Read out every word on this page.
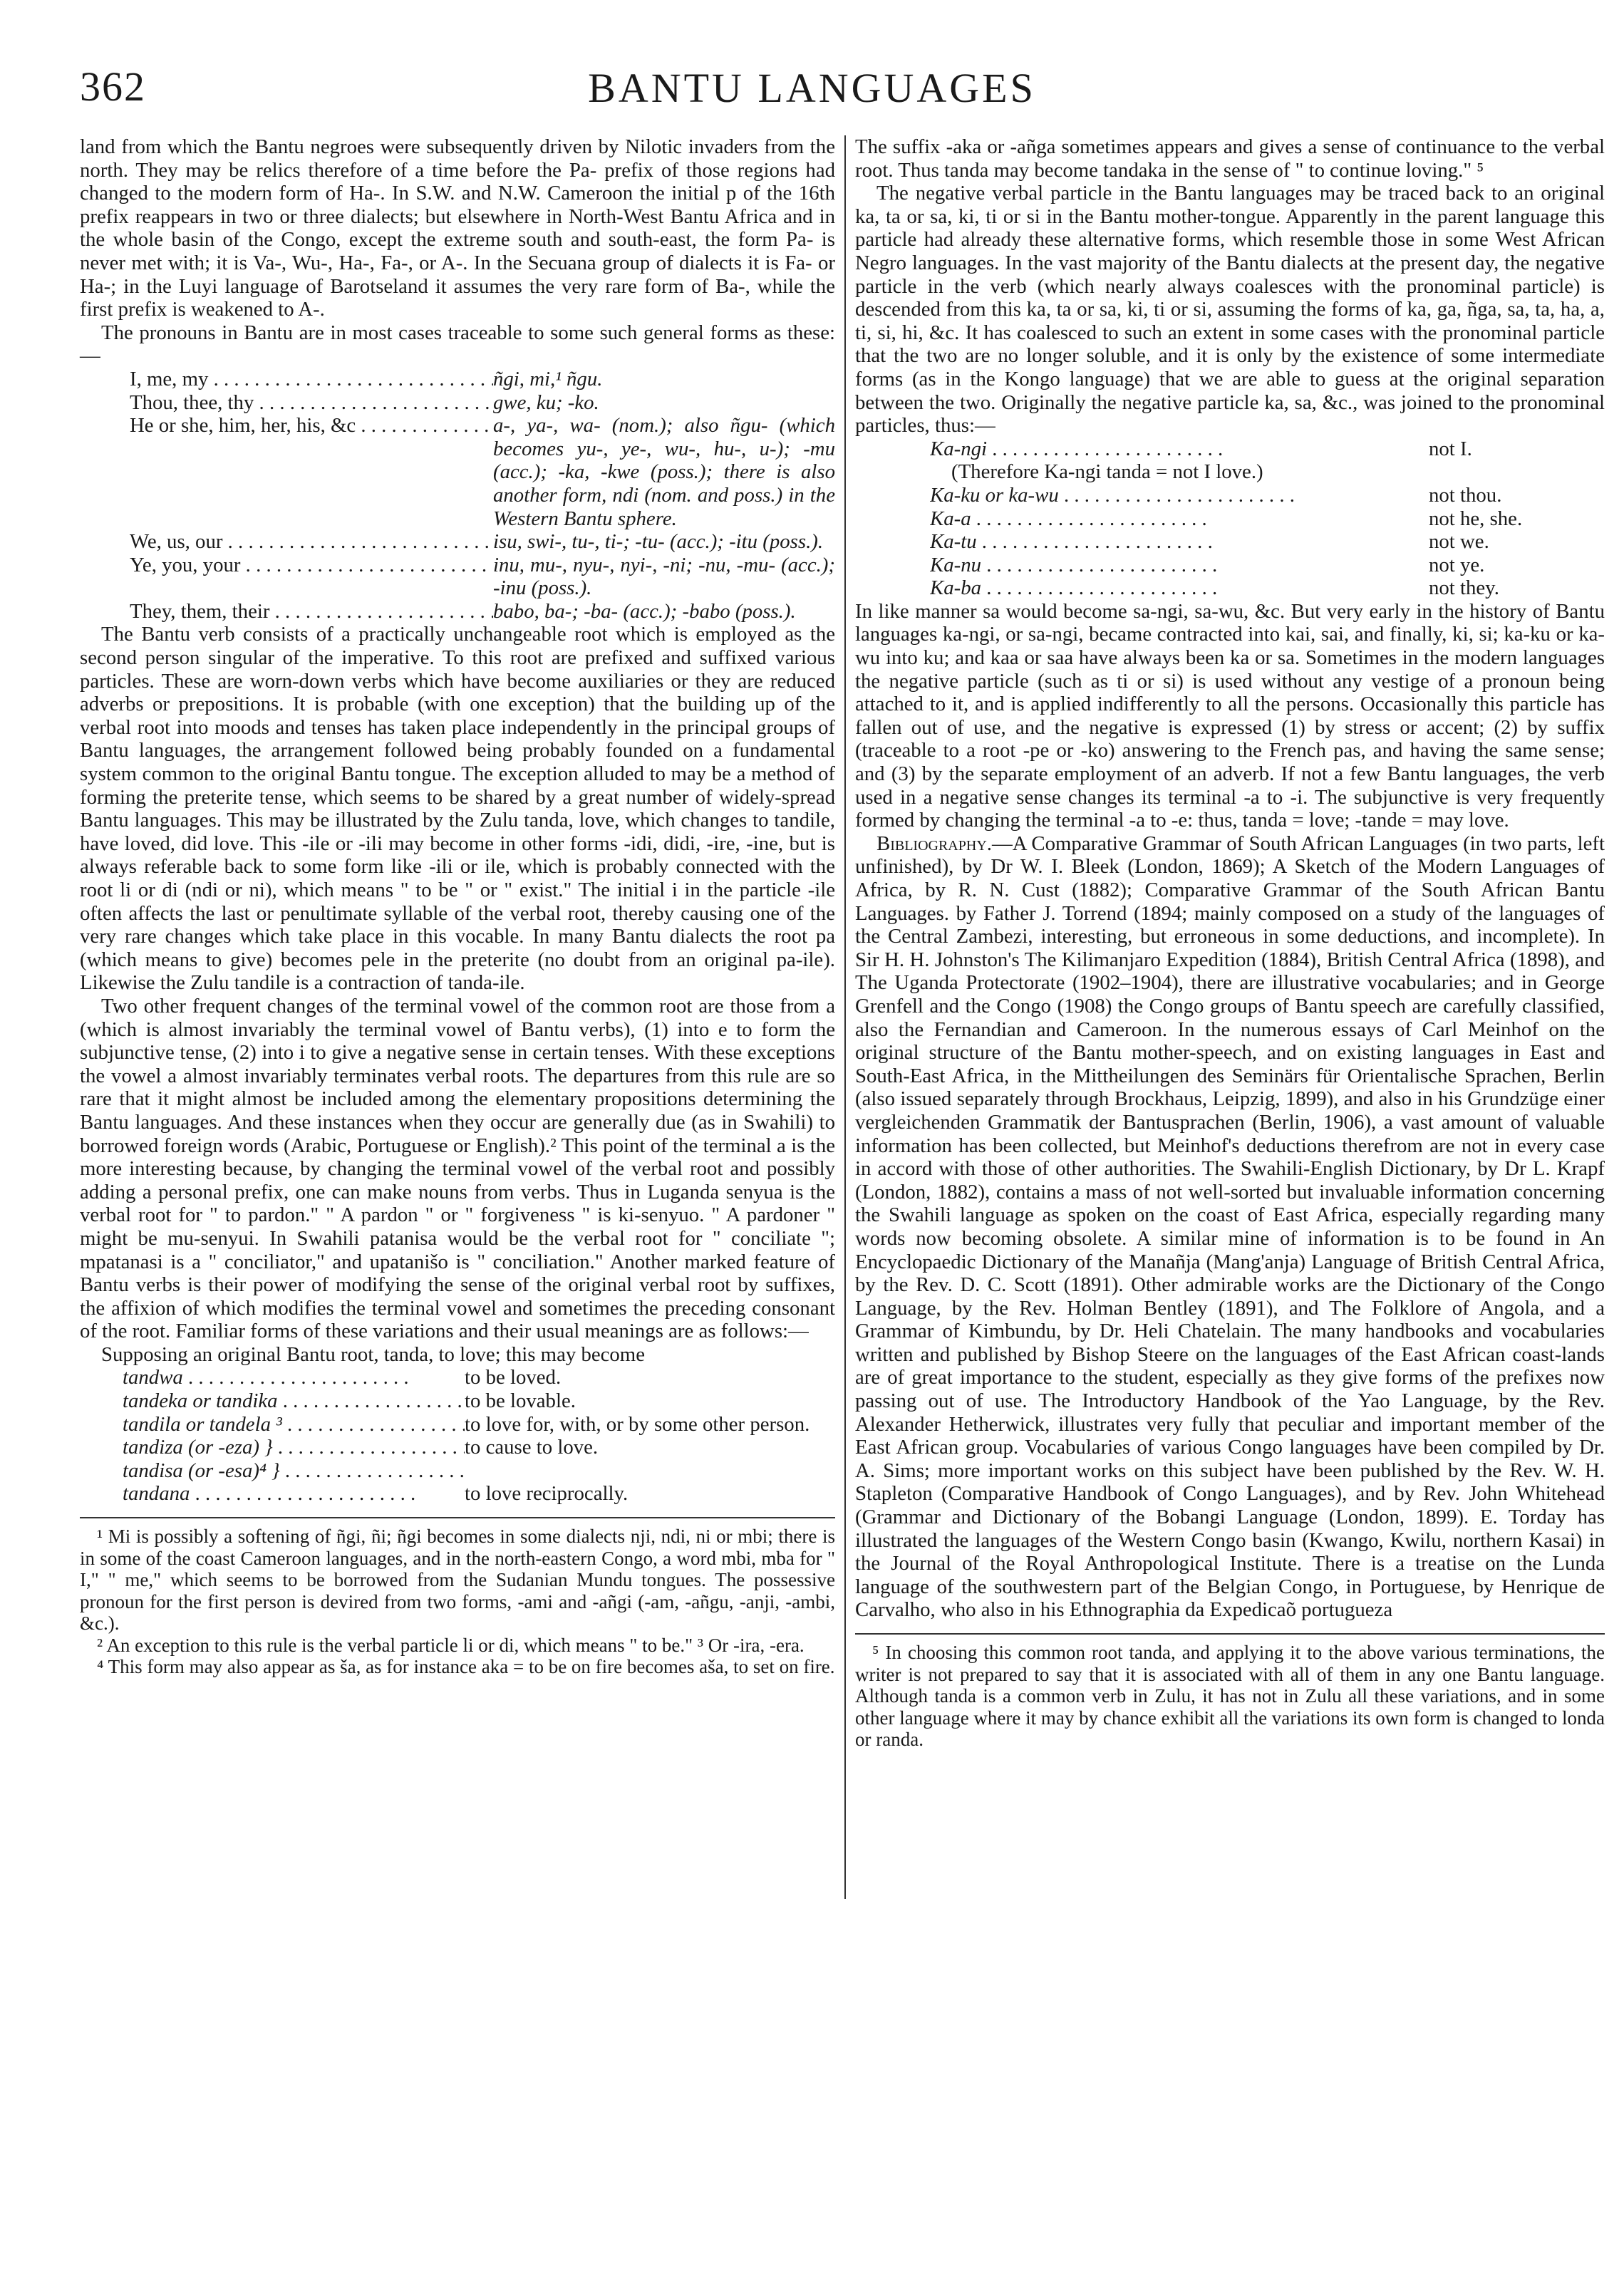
362	BANTU LANGUAGES

land from which the Bantu negroes were subsequently driven by Nilotic invaders from the north. They may be relics therefore of a time before the Pa- prefix of those regions had changed to the modern form of Ha-. In S.W. and N.W. Cameroon the initial p of the 16th prefix reappears in two or three dialects; but elsewhere in North-West Bantu Africa and in the whole basin of the Congo, except the extreme south and south-east, the form Pa- is never met with; it is Va-, Wu-, Ha-, Fa-, or A-. In the Secuana group of dialects it is Fa- or Ha-; in the Luyi language of Barotseland it assumes the very rare form of Ba-, while the first prefix is weakened to A-.

The pronouns in Bantu are in most cases traceable to some such general forms as these:—

I, me, my . . .	ñgi, mi,¹ ñgu.
Thou, thee, thy . . .	gwe, ku; -ko.
He or she, him, her, his, &c . . .	a-, ya-, wa- (nom.); also ñgu- (which becomes yu-, ye-, wu-, hu-, u-); -mu (acc.); -ka, -kwe (poss.); there is also another form, ndi (nom. and poss.) in the Western Bantu sphere.
We, us, our . . .	isu, swi-, tu-, ti-; -tu- (acc.); -itu (poss.).
Ye, you, your . . .	inu, mu-, nyu-, nyi-, -ni; -nu, -mu- (acc.); -inu (poss.).
They, them, their . . .	babo, ba-; -ba- (acc.); -babo (poss.).

The Bantu verb consists of a practically unchangeable root which is employed as the second person singular of the imperative. To this root are prefixed and suffixed various particles. These are worn-down verbs which have become auxiliaries or they are reduced adverbs or prepositions. It is probable (with one exception) that the building up of the verbal root into moods and tenses has taken place independently in the principal groups of Bantu languages, the arrangement followed being probably founded on a fundamental system common to the original Bantu tongue. The exception alluded to may be a method of forming the preterite tense, which seems to be shared by a great number of widely-spread Bantu languages. This may be illustrated by the Zulu tanda, love, which changes to tandile, have loved, did love. This -ile or -ili may become in other forms -idi, didi, -ire, -ine, but is always referable back to some form like -ili or ile, which is probably connected with the root li or di (ndi or ni), which means " to be " or " exist." The initial i in the particle -ile often affects the last or penultimate syllable of the verbal root, thereby causing one of the very rare changes which take place in this vocable. In many Bantu dialects the root pa (which means to give) becomes pele in the preterite (no doubt from an original pa-ile). Likewise the Zulu tandile is a contraction of tanda-ile.

Two other frequent changes of the terminal vowel of the common root are those from a (which is almost invariably the terminal vowel of Bantu verbs), (1) into e to form the subjunctive tense, (2) into i to give a negative sense in certain tenses. With these exceptions the vowel a almost invariably terminates verbal roots. The departures from this rule are so rare that it might almost be included among the elementary propositions determining the Bantu languages. And these instances when they occur are generally due (as in Swahili) to borrowed foreign words (Arabic, Portuguese or English).² This point of the terminal a is the more interesting because, by changing the terminal vowel of the verbal root and possibly adding a personal prefix, one can make nouns from verbs. Thus in Luganda senyua is the verbal root for " to pardon." " A pardon " or " forgiveness " is ki-senyuo. " A pardoner " might be mu-senyui. In Swahili patanisa would be the verbal root for " conciliate "; mpatanasi is a " conciliator," and upatanišo is " conciliation." Another marked feature of Bantu verbs is their power of modifying the sense of the original verbal root by suffixes, the affixion of which modifies the terminal vowel and sometimes the preceding consonant of the root. Familiar forms of these variations and their usual meanings are as follows:—

Supposing an original Bantu root, tanda, to love; this may become

tandwa . . .	to be loved.
tandeka or tandika . . .	to be lovable.
tandila or tandela ³ . . .	to love for, with, or by some other person.
tandiza (or -eza) } . . .	to cause to love.
tandisa (or -esa)⁴ } . . .
tandana . . .	to love reciprocally.

¹ Mi is possibly a softening of ñgi, ñi; ñgi becomes in some dialects nji, ndi, ni or mbi; there is in some of the coast Cameroon languages, and in the north-eastern Congo, a word mbi, mba for " I," " me," which seems to be borrowed from the Sudanian Mundu tongues. The possessive pronoun for the first person is devired from two forms, -ami and -añgi (-am, -añgu, -anji, -ambi, &c.).

² An exception to this rule is the verbal particle li or di, which means " to be." ³ Or -ira, -era.

⁴ This form may also appear as ša, as for instance aka = to be on fire becomes aša, to set on fire.

The suffix -aka or -añga sometimes appears and gives a sense of continuance to the verbal root. Thus tanda may become tandaka in the sense of " to continue loving." ⁵

The negative verbal particle in the Bantu languages may be traced back to an original ka, ta or sa, ki, ti or si in the Bantu mother-tongue. Apparently in the parent language this particle had already these alternative forms, which resemble those in some West African Negro languages. In the vast majority of the Bantu dialects at the present day, the negative particle in the verb (which nearly always coalesces with the pronominal particle) is descended from this ka, ta or sa, ki, ti or si, assuming the forms of ka, ga, ñga, sa, ta, ha, a, ti, si, hi, &c. It has coalesced to such an extent in some cases with the pronominal particle that the two are no longer soluble, and it is only by the existence of some intermediate forms (as in the Kongo language) that we are able to guess at the original separation between the two. Originally the negative particle ka, sa, &c., was joined to the pronominal particles, thus:—

Ka-ngi . . .	not I.
(Therefore Ka-ngi tanda = not I love.)
Ka-ku or ka-wu . . .	not thou.
Ka-a . . .	not he, she.
Ka-tu . . .	not we.
Ka-nu . . .	not ye.
Ka-ba . . .	not they.

In like manner sa would become sa-ngi, sa-wu, &c. But very early in the history of Bantu languages ka-ngi, or sa-ngi, became contracted into kai, sai, and finally, ki, si; ka-ku or ka-wu into ku; and kaa or saa have always been ka or sa. Sometimes in the modern languages the negative particle (such as ti or si) is used without any vestige of a pronoun being attached to it, and is applied indifferently to all the persons. Occasionally this particle has fallen out of use, and the negative is expressed (1) by stress or accent; (2) by suffix (traceable to a root -pe or -ko) answering to the French pas, and having the same sense; and (3) by the separate employment of an adverb. If not a few Bantu languages, the verb used in a negative sense changes its terminal -a to -i. The subjunctive is very frequently formed by changing the terminal -a to -e: thus, tanda = love; -tande = may love.

Bibliography.—A Comparative Grammar of South African Languages (in two parts, left unfinished), by Dr W. I. Bleek (London, 1869); A Sketch of the Modern Languages of Africa, by R. N. Cust (1882); Comparative Grammar of the South African Bantu Languages. by Father J. Torrend (1894; mainly composed on a study of the languages of the Central Zambezi, interesting, but erroneous in some deductions, and incomplete). In Sir H. H. Johnston's The Kilimanjaro Expedition (1884), British Central Africa (1898), and The Uganda Protectorate (1902–1904), there are illustrative vocabularies; and in George Grenfell and the Congo (1908) the Congo groups of Bantu speech are carefully classified, also the Fernandian and Cameroon. In the numerous essays of Carl Meinhof on the original structure of the Bantu mother-speech, and on existing languages in East and South-East Africa, in the Mittheilungen des Seminärs für Orientalische Sprachen, Berlin (also issued separately through Brockhaus, Leipzig, 1899), and also in his Grundzüge einer vergleichenden Grammatik der Bantusprachen (Berlin, 1906), a vast amount of valuable information has been collected, but Meinhof's deductions therefrom are not in every case in accord with those of other authorities. The Swahili-English Dictionary, by Dr L. Krapf (London, 1882), contains a mass of not well-sorted but invaluable information concerning the Swahili language as spoken on the coast of East Africa, especially regarding many words now becoming obsolete. A similar mine of information is to be found in An Encyclopaedic Dictionary of the Manañja (Mang'anja) Language of British Central Africa, by the Rev. D. C. Scott (1891). Other admirable works are the Dictionary of the Congo Language, by the Rev. Holman Bentley (1891), and The Folklore of Angola, and a Grammar of Kimbundu, by Dr. Heli Chatelain. The many handbooks and vocabularies written and published by Bishop Steere on the languages of the East African coast-lands are of great importance to the student, especially as they give forms of the prefixes now passing out of use. The Introductory Handbook of the Yao Language, by the Rev. Alexander Hetherwick, illustrates very fully that peculiar and important member of the East African group. Vocabularies of various Congo languages have been compiled by Dr. A. Sims; more important works on this subject have been published by the Rev. W. H. Stapleton (Comparative Handbook of Congo Languages), and by Rev. John Whitehead (Grammar and Dictionary of the Bobangi Language (London, 1899). E. Torday has illustrated the languages of the Western Congo basin (Kwango, Kwilu, northern Kasai) in the Journal of the Royal Anthropological Institute. There is a treatise on the Lunda language of the southwestern part of the Belgian Congo, in Portuguese, by Henrique de Carvalho, who also in his Ethnographia da Expedicaõ portugueza

⁵ In choosing this common root tanda, and applying it to the above various terminations, the writer is not prepared to say that it is associated with all of them in any one Bantu language. Although tanda is a common verb in Zulu, it has not in Zulu all these variations, and in some other language where it may by chance exhibit all the variations its own form is changed to londa or randa.
